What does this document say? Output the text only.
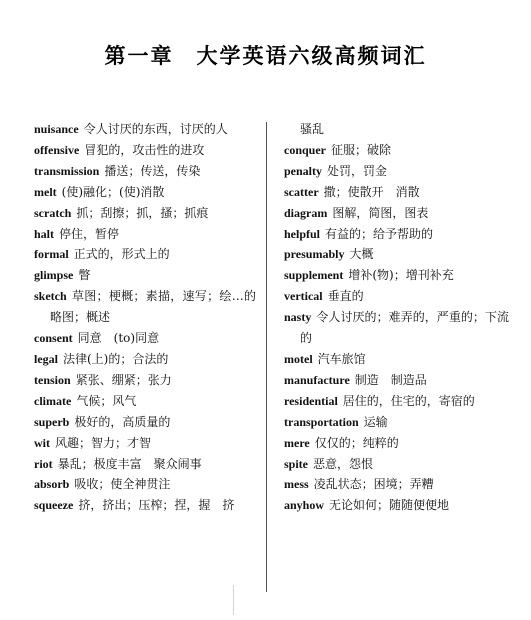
第一章　大学英语六级高频词汇

nuisance 令人讨厌的东西，讨厌的人

offensive 冒犯的，攻击性的进攻

transmission 播送；传送，传染

melt (使)融化；(使)消散

scratch 抓；刮擦；抓，搔；抓痕

halt 停住，暂停

formal 正式的，形式上的

glimpse 瞥

sketch 草图；梗概；素描，速写；绘…的略图；概述

consent 同意　(to)同意

legal 法律(上)的；合法的

tension 紧张、绷紧；张力

climate 气候；风气

superb 极好的，高质量的

wit 风趣；智力；才智

riot 暴乱；极度丰富　聚众闹事

absorb 吸收；使全神贯注

squeeze 挤，挤出；压榨；捏，握　挤

骚乱

conquer 征服；破除

penalty 处罚，罚金

scatter 撒；使散开　消散

diagram 图解，简图，图表

helpful 有益的；给予帮助的

presumably 大概

supplement 增补(物)；增刊补充

vertical 垂直的

nasty 令人讨厌的；难弄的，严重的；下流的

motel 汽车旅馆

manufacture 制造　制造品

residential 居住的，住宅的，寄宿的

transportation 运输

mere 仅仅的；纯粹的

spite 恶意，怨恨

mess 凌乱状态；困境；弄糟

anyhow 无论如何；随随便便地
